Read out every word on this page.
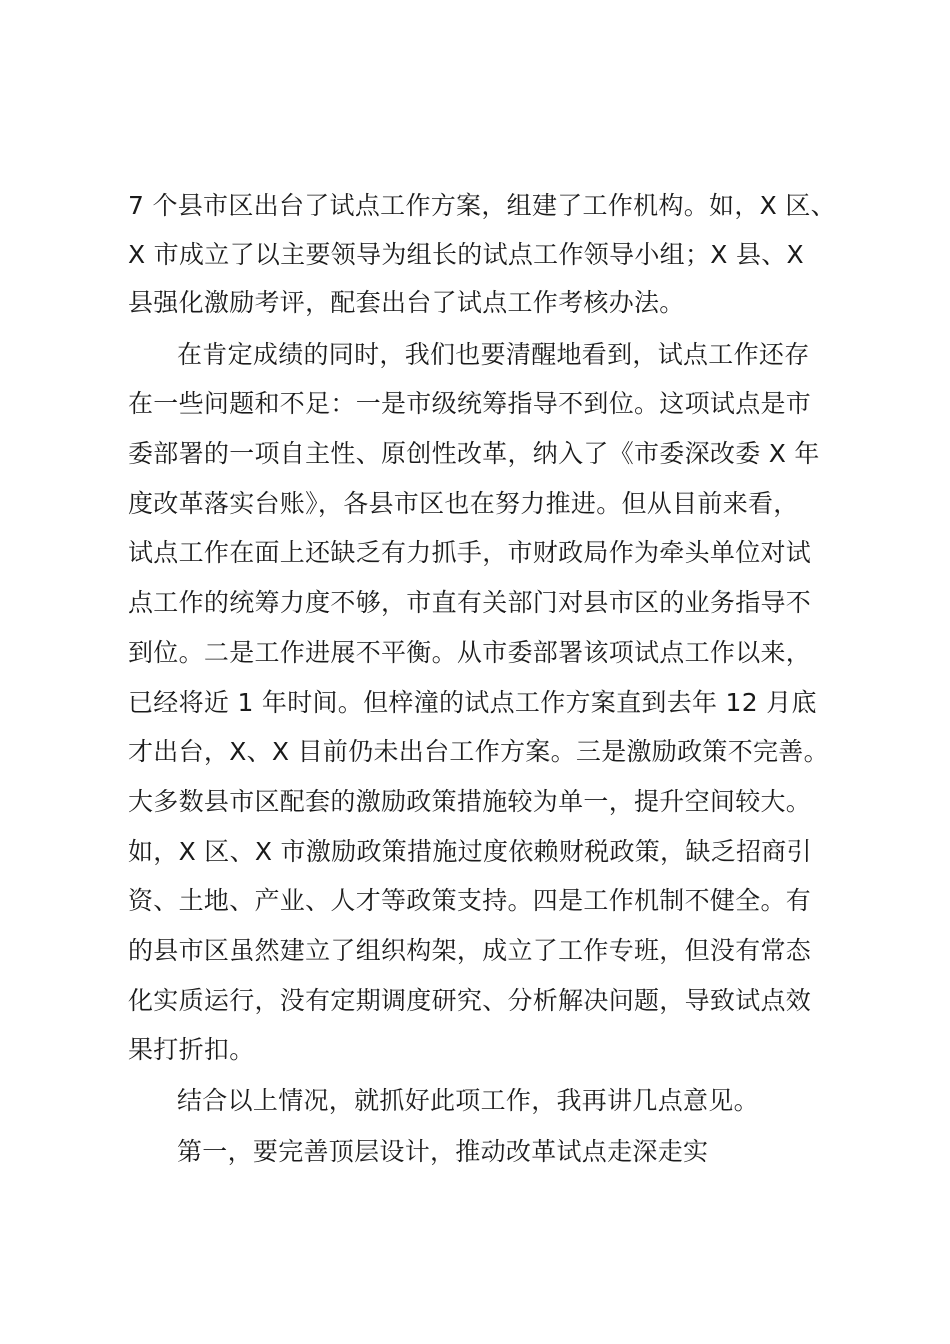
7 个县市区出台了试点工作方案，组建了工作机构。如，X 区、
X 市成立了以主要领导为组长的试点工作领导小组；X 县、X
县强化激励考评，配套出台了试点工作考核办法。
在肯定成绩的同时，我们也要清醒地看到，试点工作还存
在一些问题和不足：一是市级统筹指导不到位。这项试点是市
委部署的一项自主性、原创性改革，纳入了《市委深改委 X 年
度改革落实台账》，各县市区也在努力推进。但从目前来看，
试点工作在面上还缺乏有力抓手，市财政局作为牵头单位对试
点工作的统筹力度不够，市直有关部门对县市区的业务指导不
到位。二是工作进展不平衡。从市委部署该项试点工作以来，
已经将近 1 年时间。但梓潼的试点工作方案直到去年 12 月底
才出台，X、X 目前仍未出台工作方案。三是激励政策不完善。
大多数县市区配套的激励政策措施较为单一，提升空间较大。
如，X 区、X 市激励政策措施过度依赖财税政策，缺乏招商引
资、土地、产业、人才等政策支持。四是工作机制不健全。有
的县市区虽然建立了组织构架，成立了工作专班，但没有常态
化实质运行，没有定期调度研究、分析解决问题，导致试点效
果打折扣。
结合以上情况，就抓好此项工作，我再讲几点意见。
第一，要完善顶层设计，推动改革试点走深走实
